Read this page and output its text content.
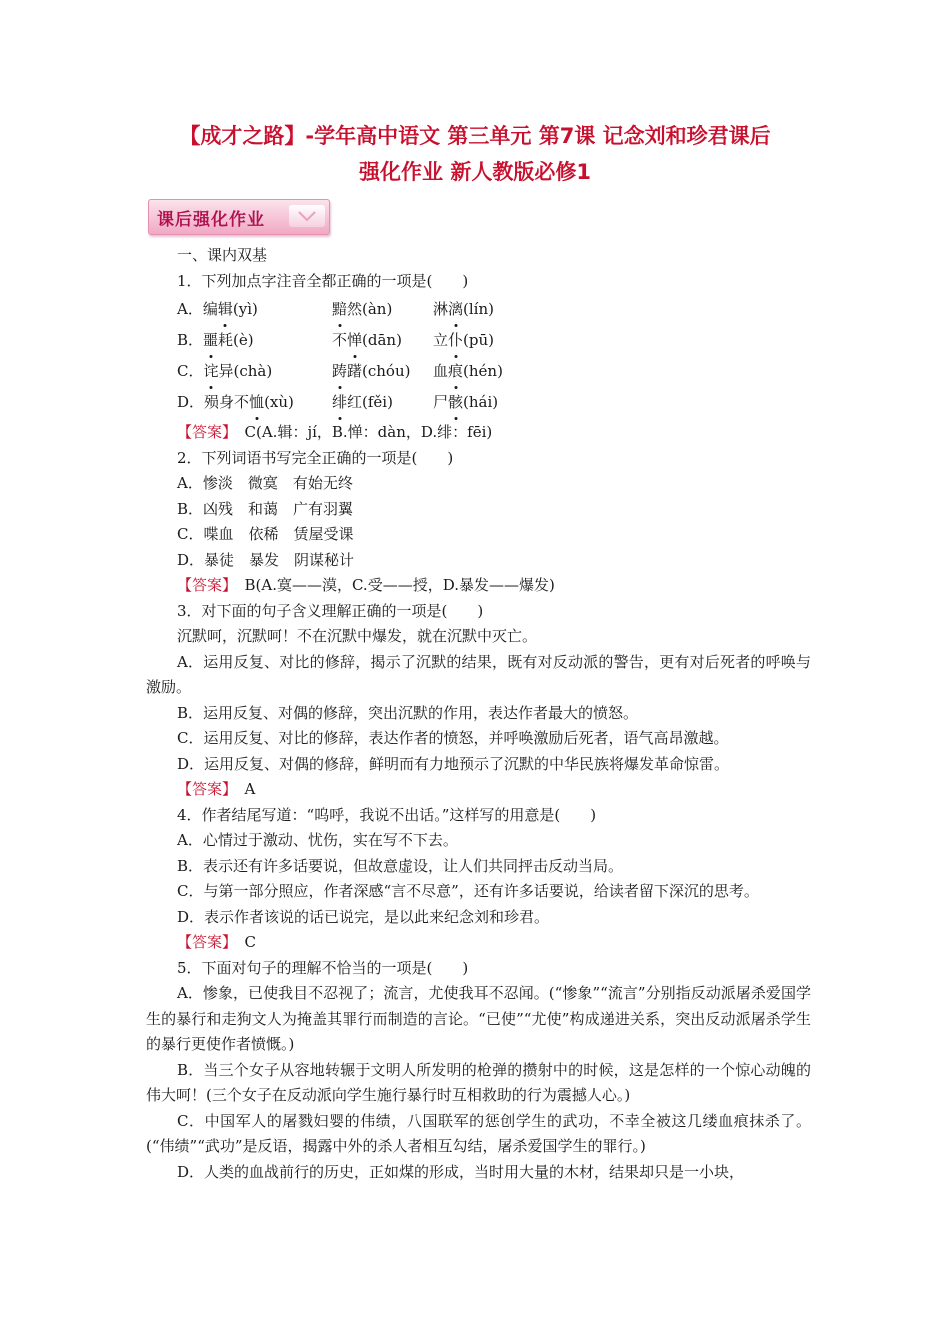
【成才之路】-学年高中语文 第三单元 第7课 记念刘和珍君课后
强化作业 新人教版必修1
课后强化作业
一、课内双基
1．下列加点字注音全都正确的一项是(　　)
A．编辑(yì)	黯然(àn)	淋漓(lín)
B．噩耗(è)	不惮(dān)	立仆(pū)
C．诧异(chà)	踌躇(chóu)	血痕(hén)
D．殒身不恤(xù)	绯红(fěi)	尸骸(hái)
【答案】　C(A.辑：jí，B.惮：dàn，D.绯：fēi)
2．下列词语书写完全正确的一项是(　　)
A．惨淡　微寞　有始无终
B．凶残　和蔼　广有羽翼
C．喋血　依稀　赁屋受课
D．暴徒　暴发　阴谋秘计
【答案】　B(A.寞——漠，C.受——授，D.暴发——爆发)
3．对下面的句子含义理解正确的一项是(　　)
沉默呵，沉默呵！不在沉默中爆发，就在沉默中灭亡。
A．运用反复、对比的修辞，揭示了沉默的结果，既有对反动派的警告，更有对后死者的呼唤与激励。
B．运用反复、对偶的修辞，突出沉默的作用，表达作者最大的愤怒。
C．运用反复、对比的修辞，表达作者的愤怒，并呼唤激励后死者，语气高昂激越。
D．运用反复、对偶的修辞，鲜明而有力地预示了沉默的中华民族将爆发革命惊雷。
【答案】　A
4．作者结尾写道：“呜呼，我说不出话。”这样写的用意是(　　)
A．心情过于激动、忧伤，实在写不下去。
B．表示还有许多话要说，但故意虚设，让人们共同抨击反动当局。
C．与第一部分照应，作者深感“言不尽意”，还有许多话要说，给读者留下深沉的思考。
D．表示作者该说的话已说完，是以此来纪念刘和珍君。
【答案】　C
5．下面对句子的理解不恰当的一项是(　　)
A．惨象，已使我目不忍视了；流言，尤使我耳不忍闻。(“惨象”“流言”分别指反动派屠杀爱国学生的暴行和走狗文人为掩盖其罪行而制造的言论。“已使”“尤使”构成递进关系，突出反动派屠杀学生的暴行更使作者愤慨。)
B．当三个女子从容地转辗于文明人所发明的枪弹的攒射中的时候，这是怎样的一个惊心动魄的伟大呵！(三个女子在反动派向学生施行暴行时互相救助的行为震撼人心。)
C．中国军人的屠戮妇婴的伟绩，八国联军的惩创学生的武功，不幸全被这几缕血痕抹杀了。(“伟绩”“武功”是反语，揭露中外的杀人者相互勾结，屠杀爱国学生的罪行。)
D．人类的血战前行的历史，正如煤的形成，当时用大量的木材，结果却只是一小块，
